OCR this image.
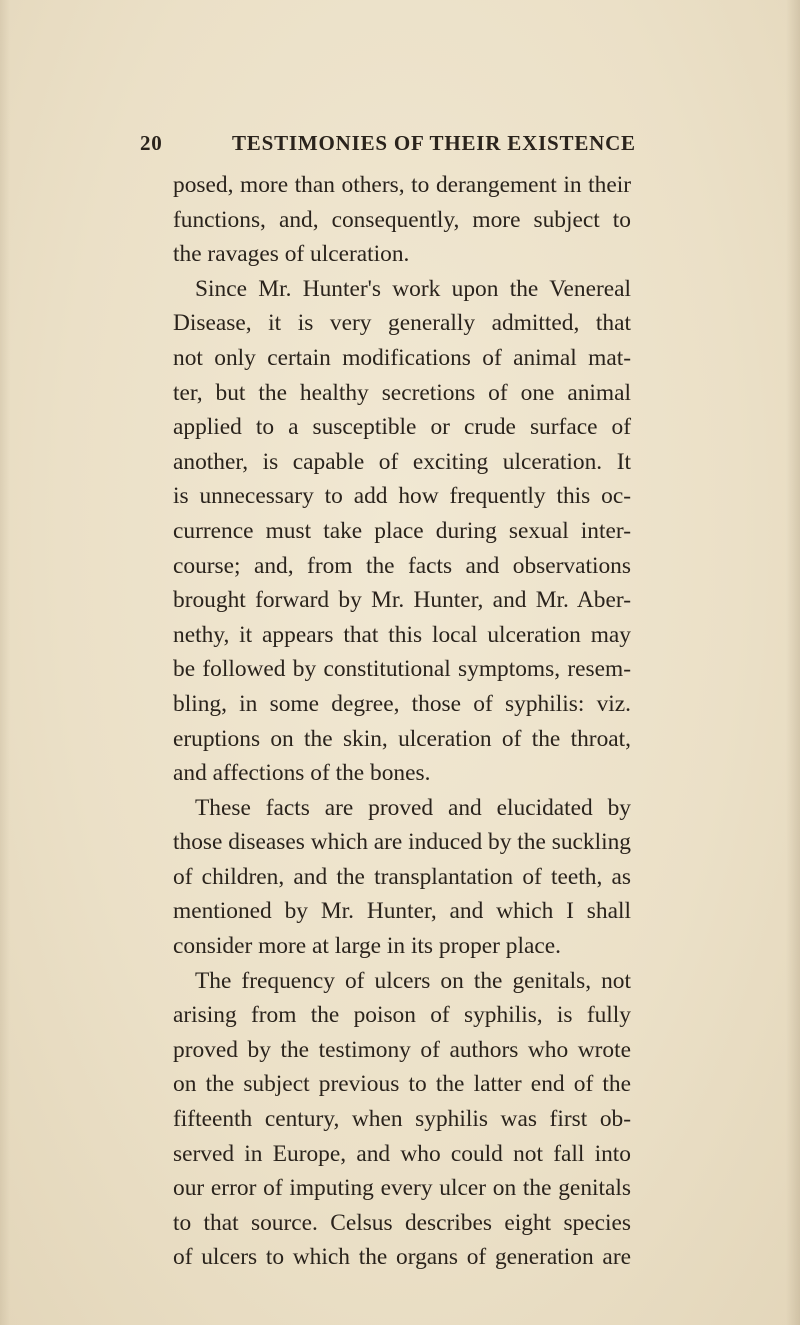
20	TESTIMONIES OF THEIR EXISTENCE
posed, more than others, to derangement in their
functions, and, consequently, more subject to
the ravages of ulceration.
Since Mr. Hunter's work upon the Venereal
Disease, it is very generally admitted, that
not only certain modifications of animal mat-
ter, but the healthy secretions of one animal
applied to a susceptible or crude surface of
another, is capable of exciting ulceration. It
is unnecessary to add how frequently this oc-
currence must take place during sexual inter-
course; and, from the facts and observations
brought forward by Mr. Hunter, and Mr. Aber-
nethy, it appears that this local ulceration may
be followed by constitutional symptoms, resem-
bling, in some degree, those of syphilis: viz.
eruptions on the skin, ulceration of the throat,
and affections of the bones.
These facts are proved and elucidated by
those diseases which are induced by the suckling
of children, and the transplantation of teeth, as
mentioned by Mr. Hunter, and which I shall
consider more at large in its proper place.
The frequency of ulcers on the genitals, not
arising from the poison of syphilis, is fully
proved by the testimony of authors who wrote
on the subject previous to the latter end of the
fifteenth century, when syphilis was first ob-
served in Europe, and who could not fall into
our error of imputing every ulcer on the genitals
to that source. Celsus describes eight species
of ulcers to which the organs of generation are
